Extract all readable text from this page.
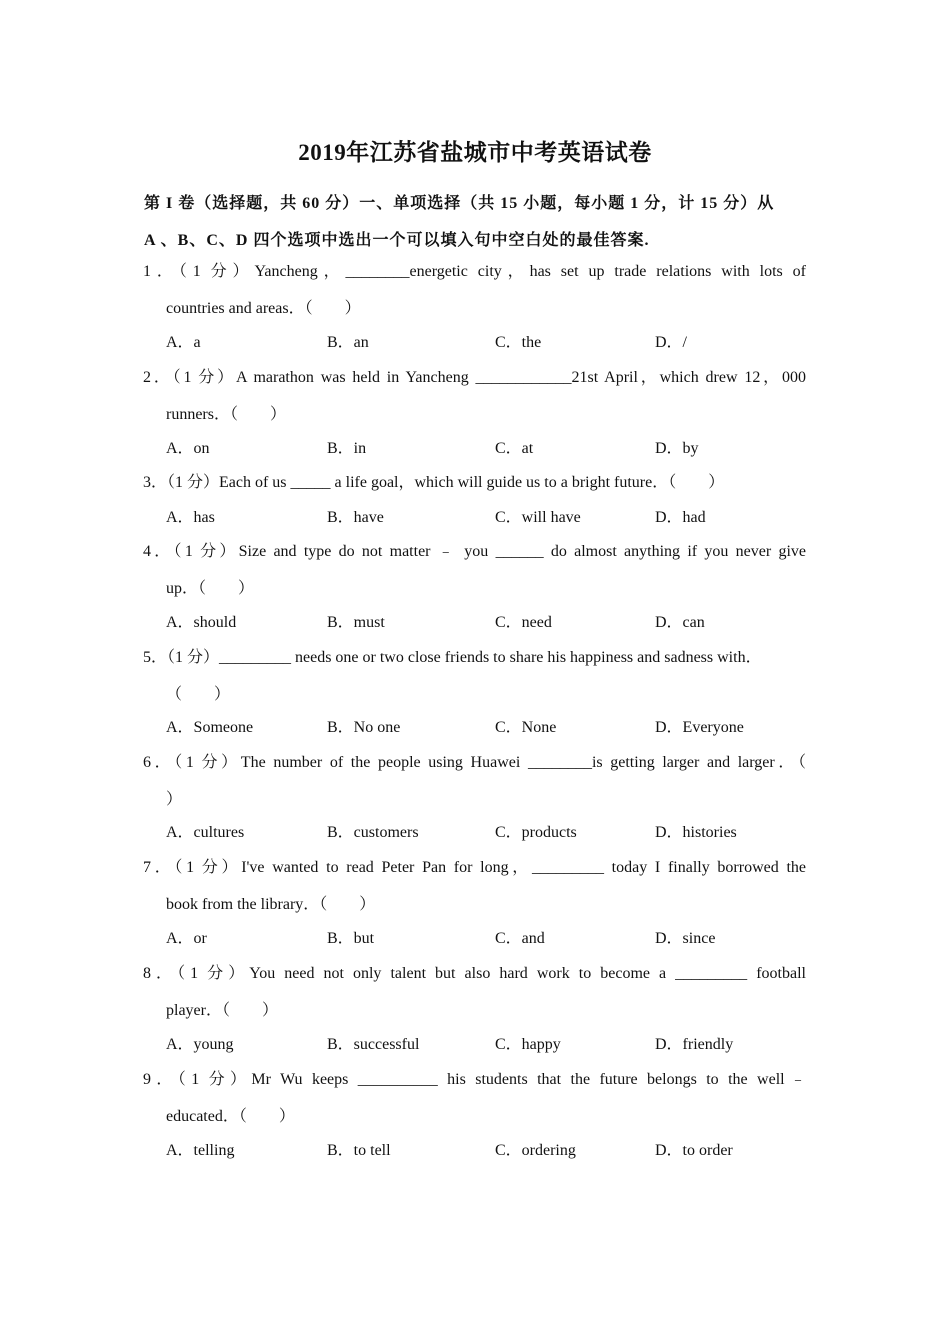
2019年江苏省盐城市中考英语试卷
第 I 卷（选择题，共 60 分）一、单项选择（共 15 小题，每小题 1 分，计 15 分）从
A 、B、C、D 四个选项中选出一个可以填入句中空白处的最佳答案.
1．（1 分）Yancheng，________energetic city，has set up trade relations with lots of
countries and areas．（　　）
A．a	B．an	C．the	D．/
2．（1 分）A marathon was held in Yancheng ____________21st April，which drew 12，000
runners．（　　）
A．on	B．in	C．at	D．by
3．（1 分）Each of us _____ a life goal，which will guide us to a bright future．（　　）
A．has	B．have	C．will have	D．had
4．（1 分）Size and type do not matter ﹣ you ______ do almost anything if you never give
up．（　　）
A．should	B．must	C．need	D．can
5．（1 分）_________ needs one or two close friends to share his happiness and sadness with．
（　　）
A．Someone	B．No one	C．None	D．Everyone
6．（1 分）The number of the people using Huawei ________is getting larger and larger．（
）
A．cultures	B．customers	C．products	D．histories
7．（1 分）I've wanted to read Peter Pan for long，_________ today I finally borrowed the
book from the library．（　　）
A．or	B．but	C．and	D．since
8．（1 分）You need not only talent but also hard work to become a _________ football
player．（　　）
A．young	B．successful	C．happy	D．friendly
9．（1 分）Mr Wu keeps __________ his students that the future belongs to the well﹣
educated．（　　）
A．telling	B．to tell	C．ordering	D．to order
